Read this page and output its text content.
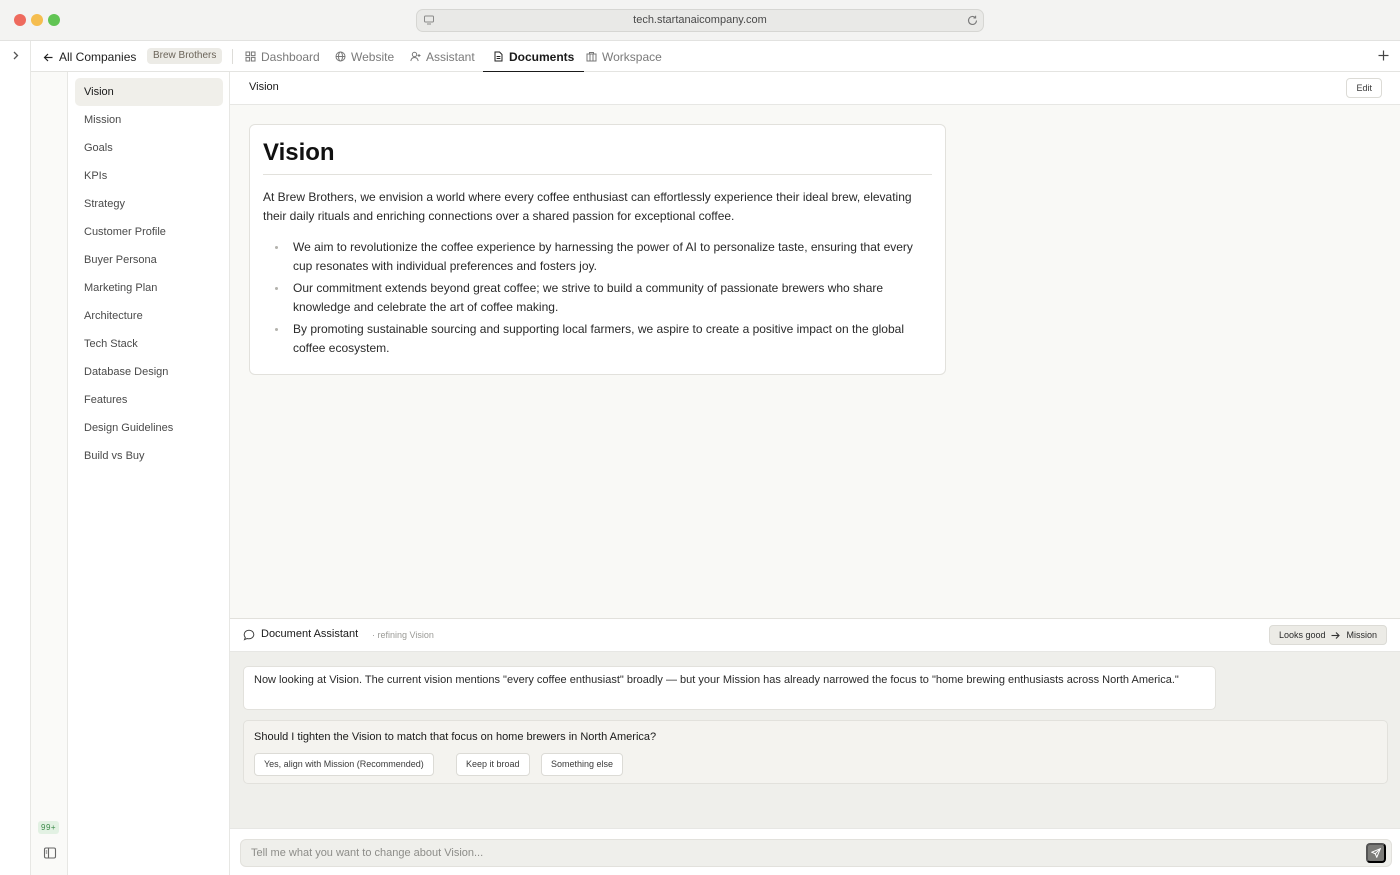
tech.startanaicompany.com
99+
All Companies	Brew Brothers	Dashboard	Website	Assistant	Documents Workspace
Vision
Mission
Goals
KPIs
Strategy
Customer Profile
Buyer Persona
Marketing Plan
Architecture
Tech Stack
Database Design
Features
Design Guidelines
Build vs Buy
Vision	Edit
Vision

At Brew Brothers, we envision a world where every coffee enthusiast can effortlessly experience their ideal brew, elevating their daily rituals and enriching connections over a shared passion for exceptional coffee.

We aim to revolutionize the coffee experience by harnessing the power of AI to personalize taste, ensuring that every cup resonates with individual preferences and fosters joy.
Our commitment extends beyond great coffee; we strive to build a community of passionate brewers who share knowledge and celebrate the art of coffee making.
By promoting sustainable sourcing and supporting local farmers, we aspire to create a positive impact on the global coffee ecosystem.
Document Assistant · refining Vision	Looks good Mission
Now looking at Vision. The current vision mentions "every coffee enthusiast" broadly — but your Mission has already narrowed the focus to "home brewing enthusiasts across North America."
Should I tighten the Vision to match that focus on home brewers in North America?
Yes, align with Mission (Recommended)	Keep it broad	Something else
Tell me what you want to change about Vision...
